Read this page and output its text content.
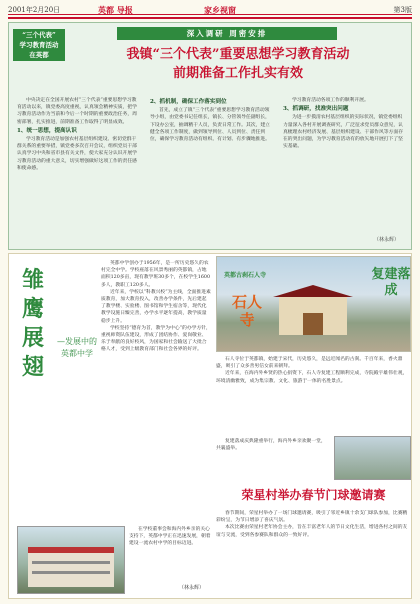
2001年2月20日	英都 导报	家乡视窗	第3版
“三个代表”
学习教育活动
在英都
深入调研 周密安排
我镇“三个代表”重要思想学习教育活动
前期准备工作扎实有效

中央决定在全国开展农村“三个代表”重要思想学习教育活动以来，镇党委高度重视，认真领会精神实质，把学习教育活动作为当前和今后一个时期的重要政治任务，周密部署，扎实推进，前期准备工作取得了明显成效。

1、统一思想，提高认识

学习教育活动是加强农村基层组织建设、密切党群干群关系的重要举措，镇党委多次召开会议，组织党员干部认真学习中央和省市县有关文件，使大家充分认识开展学习教育活动的重大意义，切实增强做好这项工作的责任感和使命感。

2、抓机制，确保工作落实到位

首先，成立了镇“三个代表”重要思想学习教育活动领导小组，由党委书记任组长，镇长、分管领导任副组长，下设办公室，抽调精干人员，负责日常工作。其次，建立健全各项工作制度，做到领导到位、人员到位、责任到位，确保学习教育活动有组织、有计划、有步骤地推进。

学习教育活动各项工作的顺利开展。

3、抓调研，找准突出问题

为进一步摸清农村基层组织的实际状况，镇党委组织力量深入各村开展调查研究，广泛征求党员群众意见，认真梳理农村经济发展、基层组织建设、干部作风等方面存在的突出问题，为学习教育活动有的放矢地开展打下了坚实基础。

（林永辉）
雏
鹰
展
翅
—发展中的英都中学

英都中学创办于1956年，是一所历史悠久的农村完全中学。学校座落在风景秀丽的英都镇，占地面积120多亩，现有教学班30多个，在校学生1600多人，教职工120多人。

近年来，学校以“科教兴校”为主线，全面推进素质教育，加大教育投入，改善办学条件，先后建起了教学楼、实验楼、图书馆和学生宿舍等，现代化教学设施日臻完善，办学水平逐年提高，教学质量稳步上升。

学校坚持“德育为首，教学为中心”的办学方针，重视师资队伍建设，形成了团结协作、爱岗敬业、乐于奉献的良好校风，为国家和社会输送了大批合格人才，受到上级教育部门和社会各界的好评。

在学校董事会和海内外乡亲的关心支持下，英都中学正在迅速发展，朝着建设一流农村中学的目标迈进。

（林永辉）
英都古刹石人寺
石人寺
复建落成

石人寺位于英都镇，始建于宋代，历史悠久，是远近闻名的古刹。千百年来，香火鼎盛，吸引了众多善男信女前来朝拜。

近年来，在海内外乡贤的热心捐资下，石人寺复建工程顺利完成，寺院殿宇雄伟壮观，环境清幽雅致，成为集宗教、文化、旅游于一体的名胜景点。

复建落成庆典隆重举行，海内外乡亲欢聚一堂，共襄盛举。

荣星村举办春节门球邀请赛

春节期间，荣星村举办了一场门球邀请赛，吸引了邻近乡镇十余支门球队参加，比赛精彩纷呈，为节日增添了喜庆气氛。

本次比赛由荣星村老年协会主办，旨在丰富老年人的节日文化生活，增进各村之间的友谊与交流，受到各参赛队和群众的一致好评。
